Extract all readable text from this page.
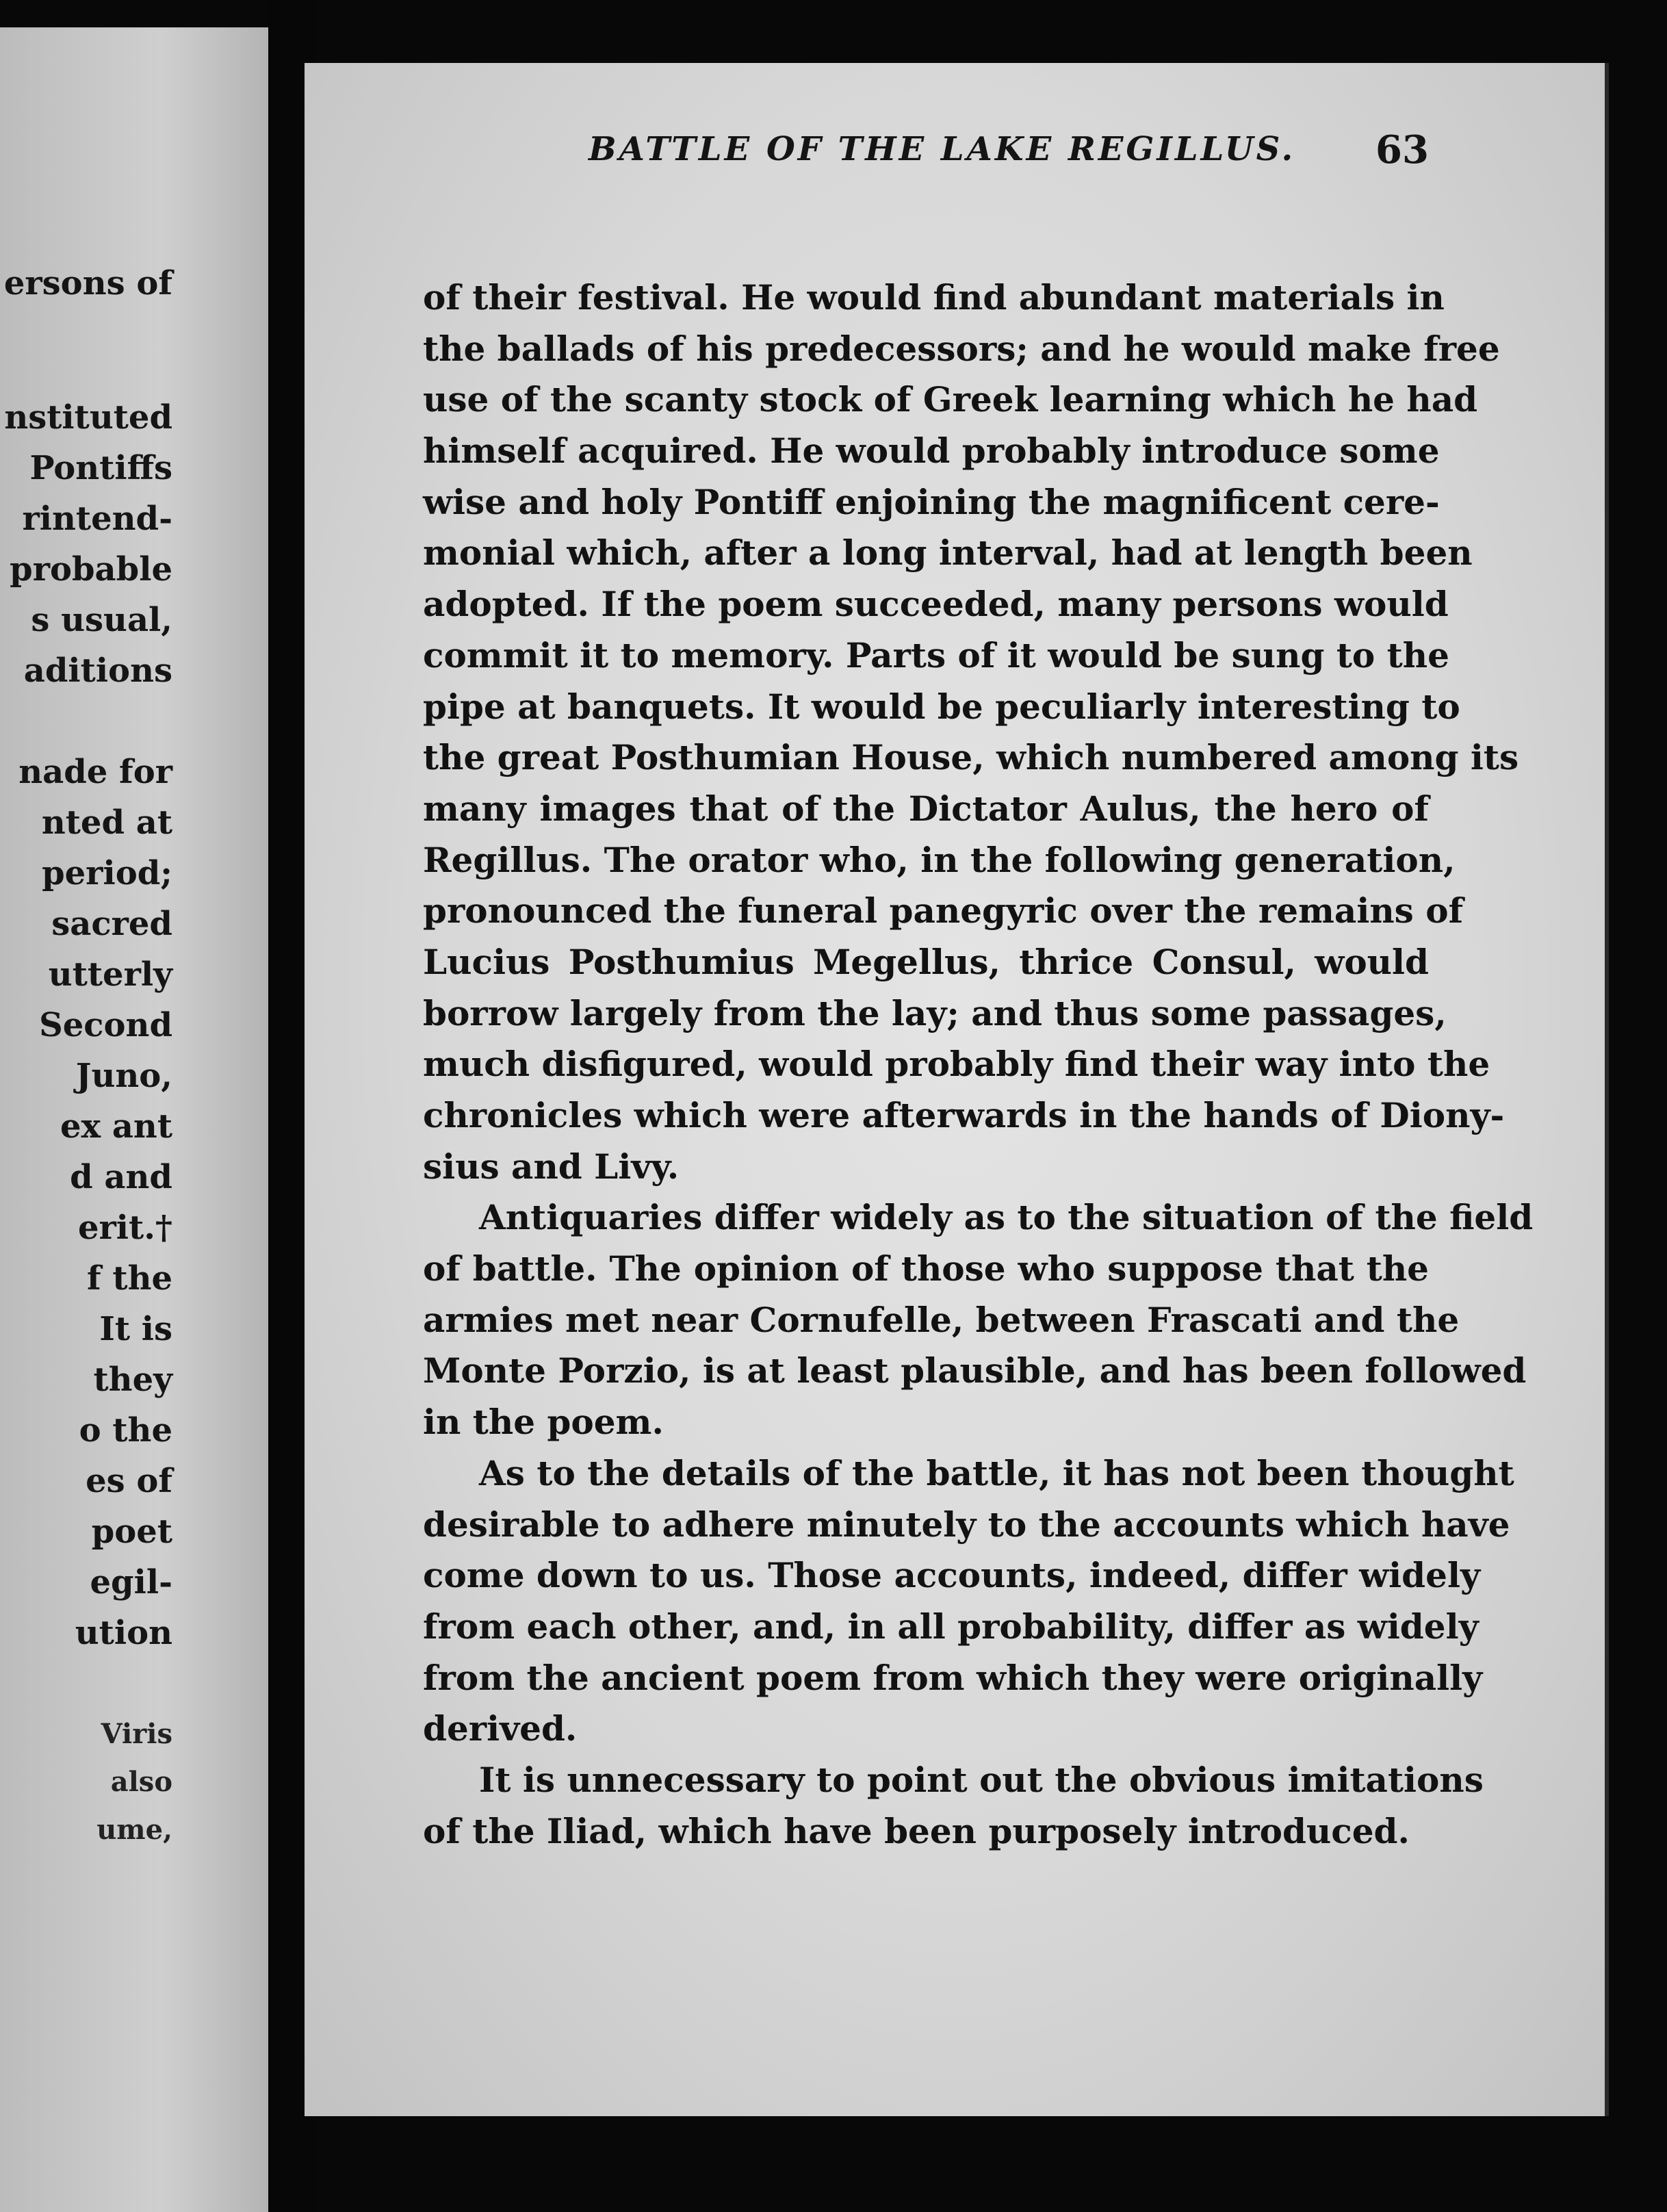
ersons of

nstituted

Pontiffs

rintend-

probable

s usual,

aditions

nade for

nted at

period;

sacred

utterly

Second

Juno,

ex ant

d and

erit.†

f the

It is

they

o the

es of

poet

egil-

ution

Viris

also

ume,

BATTLE OF THE LAKE REGILLUS. 63

of their festival. He would find abundant materials in

the ballads of his predecessors; and he would make free

use of the scanty stock of Greek learning which he had

himself acquired. He would probably introduce some

wise and holy Pontiff enjoining the magnificent cere-

monial which, after a long interval, had at length been

adopted. If the poem succeeded, many persons would

commit it to memory. Parts of it would be sung to the

pipe at banquets. It would be peculiarly interesting to

the great Posthumian House, which numbered among its

many images that of the Dictator Aulus, the hero of

Regillus. The orator who, in the following generation,

pronounced the funeral panegyric over the remains of

Lucius Posthumius Megellus, thrice Consul, would

borrow largely from the lay; and thus some passages,

much disfigured, would probably find their way into the

chronicles which were afterwards in the hands of Diony-

sius and Livy.

Antiquaries differ widely as to the situation of the field

of battle. The opinion of those who suppose that the

armies met near Cornufelle, between Frascati and the

Monte Porzio, is at least plausible, and has been followed

in the poem.

As to the details of the battle, it has not been thought

desirable to adhere minutely to the accounts which have

come down to us. Those accounts, indeed, differ widely

from each other, and, in all probability, differ as widely

from the ancient poem from which they were originally

derived.

It is unnecessary to point out the obvious imitations

of the Iliad, which have been purposely introduced.
